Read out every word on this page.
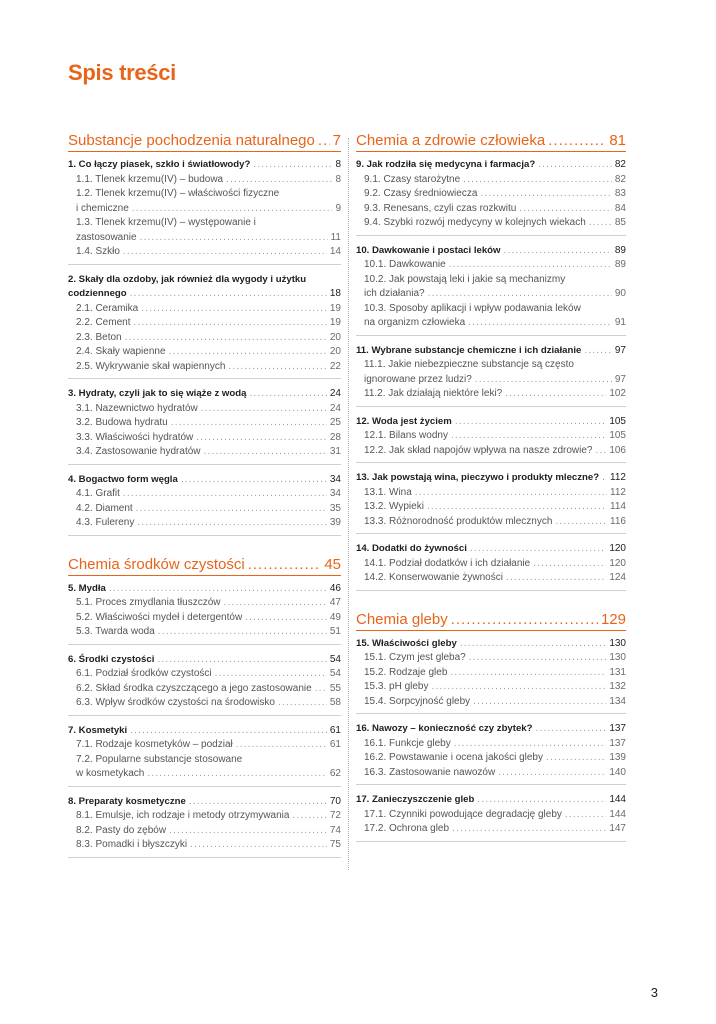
Spis treści
Substancje pochodzenia naturalnego ..... 7
1. Co łączy piasek, szkło i światłowody? .....	8
1.1. Tlenek krzemu(IV) – budowa .....	8
1.2. Tlenek krzemu(IV) – właściwości fizyczne
i chemiczne .....	9
1.3. Tlenek krzemu(IV) – występowanie i
zastosowanie .....	11
1.4. Szkło .....	14
2. Skały dla ozdoby, jak również dla wygody i użytku
codziennego .....	18
2.1. Ceramika .....	19
2.2. Cement .....	19
2.3. Beton .....	20
2.4. Skały wapienne .....	20
2.5. Wykrywanie skał wapiennych .....	22
3. Hydraty, czyli jak to się wiąże z wodą .....	24
3.1. Nazewnictwo hydratów .....	24
3.2. Budowa hydratu .....	25
3.3. Właściwości hydratów .....	28
3.4. Zastosowanie hydratów .....	31
4. Bogactwo form węgla .....	34
4.1. Grafit .....	34
4.2. Diament .....	35
4.3. Fulereny .....	39
Chemia środków czystości .....	45
5. Mydła .....	46
5.1. Proces zmydlania tłuszczów .....	47
5.2. Właściwości mydeł i detergentów .....	49
5.3. Twarda woda .....	51
6. Środki czystości .....	54
6.1. Podział środków czystości .....	54
6.2. Skład środka czyszczącego a jego zastosowanie ..... 55
6.3. Wpływ środków czystości na środowisko .....	58
7. Kosmetyki .....	61
7.1. Rodzaje kosmetyków – podział .....	61
7.2. Popularne substancje stosowane
w kosmetykach .....	62
8. Preparaty kosmetyczne .....	70
8.1. Emulsje, ich rodzaje i metody otrzymywania .....	72
8.2. Pasty do zębów .....	74
8.3. Pomadki i błyszczyki .....	75
Chemia a zdrowie człowieka .....	81
9. Jak rodziła się medycyna i farmacja? .....	82
9.1. Czasy starożytne .....	82
9.2. Czasy średniowiecza .....	83
9.3. Renesans, czyli czas rozkwitu .....	84
9.4. Szybki rozwój medycyny w kolejnych wiekach .....	85
10. Dawkowanie i postaci leków .....	89
10.1. Dawkowanie .....	89
10.2. Jak powstają leki i jakie są mechanizmy
ich działania? .....	90
10.3. Sposoby aplikacji i wpływ podawania leków
na organizm człowieka .....	91
11. Wybrane substancje chemiczne i ich działanie .....	97
11.1. Jakie niebezpieczne substancje są często
ignorowane przez ludzi? .....	97
11.2. Jak działają niektóre leki? .....	102
12. Woda jest życiem .....	105
12.1. Bilans wodny .....	105
12.2. Jak skład napojów wpływa na nasze zdrowie? ..... 106
13. Jak powstają wina, pieczywo i produkty mleczne? ..... 112
13.1. Wina .....	112
13.2. Wypieki .....	114
13.3. Różnorodność produktów mlecznych .....	116
14. Dodatki do żywności .....	120
14.1. Podział dodatków i ich działanie .....	120
14.2. Konserwowanie żywności .....	124
Chemia gleby .....	129
15. Właściwości gleby .....	130
15.1. Czym jest gleba? .....	130
15.2. Rodzaje gleb .....	131
15.3. pH gleby .....	132
15.4. Sorpcyjność gleby .....	134
16. Nawozy – konieczność czy zbytek? .....	137
16.1. Funkcje gleby .....	137
16.2. Powstawanie i ocena jakości gleby .....	139
16.3. Zastosowanie nawozów .....	140
17. Zanieczyszczenie gleb .....	144
17.1. Czynniki powodujące degradację gleby .....	144
17.2. Ochrona gleb .....	147
3
